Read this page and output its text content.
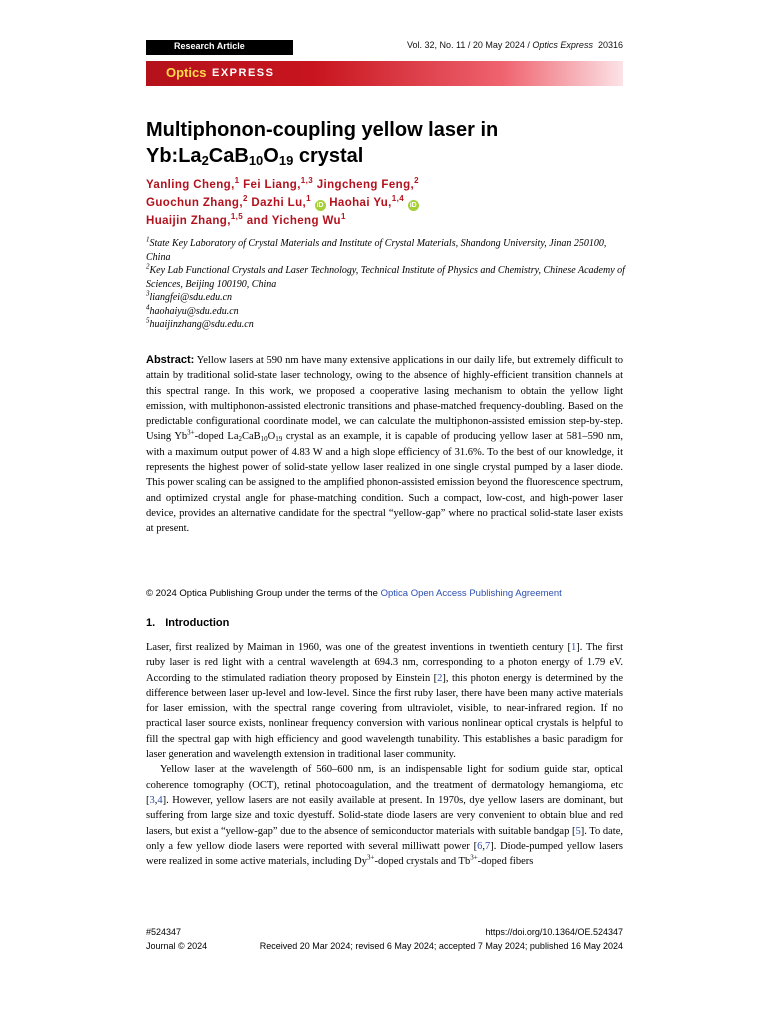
Research Article	Vol. 32, No. 11 / 20 May 2024 / Optics Express 20316
Optics EXPRESS
Multiphonon-coupling yellow laser in
$Yb:La_2CaB_{10}O_{19}$ crystal
Yanling Cheng,$^1$ Fei Liang,$^{1,3}$ Jingcheng Feng,$^2$
Guochun Zhang,$^2$ Dazhi Lu,$^1$ iD Haohai Yu,$^{1,4}$ iD
Huaijin Zhang,$^{1,5}$ and Yicheng Wu$^1$
$^1$State Key Laboratory of Crystal Materials and Institute of Crystal Materials, Shandong University, Jinan 250100, China
$^2$Key Lab Functional Crystals and Laser Technology, Technical Institute of Physics and Chemistry, Chinese Academy of Sciences, Beijing 100190, China
$^3$liangfei@sdu.edu.cn
$^4$haohaiyu@sdu.edu.cn
$^5$huaijinzhang@sdu.edu.cn
Abstract: Yellow lasers at 590 nm have many extensive applications in our daily life, but extremely difficult to attain by traditional solid-state laser technology, owing to the absence of highly-efficient transition channels at this spectral range. In this work, we proposed a cooperative lasing mechanism to obtain the yellow light emission, with multiphonon-assisted electronic transitions and phase-matched frequency-doubling. Based on the predictable configurational coordinate model, we can calculate the multiphonon-assisted emission step-by-step. Using $Yb^{3+}$-doped $La_2CaB_{10}O_{19}$ crystal as an example, it is capable of producing yellow laser at 581–590 nm, with a maximum output power of 4.83 W and a high slope efficiency of 31.6%. To the best of our knowledge, it represents the highest power of solid-state yellow laser realized in one single crystal pumped by a laser diode. This power scaling can be assigned to the amplified phonon-assisted emission beyond the fluorescence spectrum, and optimized crystal angle for phase-matching condition. Such a compact, low-cost, and high-power laser device, provides an alternative candidate for the spectral “yellow-gap” where no practical solid-state laser exists at present.
© 2024 Optica Publishing Group under the terms of the Optica Open Access Publishing Agreement
1. Introduction

Laser, first realized by Maiman in 1960, was one of the greatest inventions in twentieth century [1]. The first ruby laser is red light with a central wavelength at 694.3 nm, corresponding to a photon energy of 1.79 eV. According to the stimulated radiation theory proposed by Einstein [2], this photon energy is determined by the difference between laser up-level and low-level. Since the first ruby laser, there have been many active materials for laser emission, with the spectral range covering from ultraviolet, visible, to near-infrared region. If no practical laser source exists, nonlinear frequency conversion with various nonlinear optical crystals is helpful to fill the spectral gap with high efficiency and good wavelength tunability. This establishes a basic paradigm for laser generation and wavelength extension in traditional laser community.

Yellow laser at the wavelength of 560–600 nm, is an indispensable light for sodium guide star, optical coherence tomography (OCT), retinal photocoagulation, and the treatment of dermatology hemangioma, etc [3,4]. However, yellow lasers are not easily available at present. In 1970s, dye yellow lasers are dominant, but suffering from large size and toxic dyestuff. Solid-state diode lasers are very convenient to obtain blue and red lasers, but exist a “yellow-gap” due to the absence of semiconductor materials with suitable bandgap [5]. To date, only a few yellow diode lasers were reported with several milliwatt power [6,7]. Diode-pumped yellow lasers were realized in some active materials, including $Dy^{3+}$-doped crystals and $Tb^{3+}$-doped fibers

#524347	https://doi.org/10.1364/OE.524347
Journal © 2024	Received 20 Mar 2024; revised 6 May 2024; accepted 7 May 2024; published 16 May 2024
